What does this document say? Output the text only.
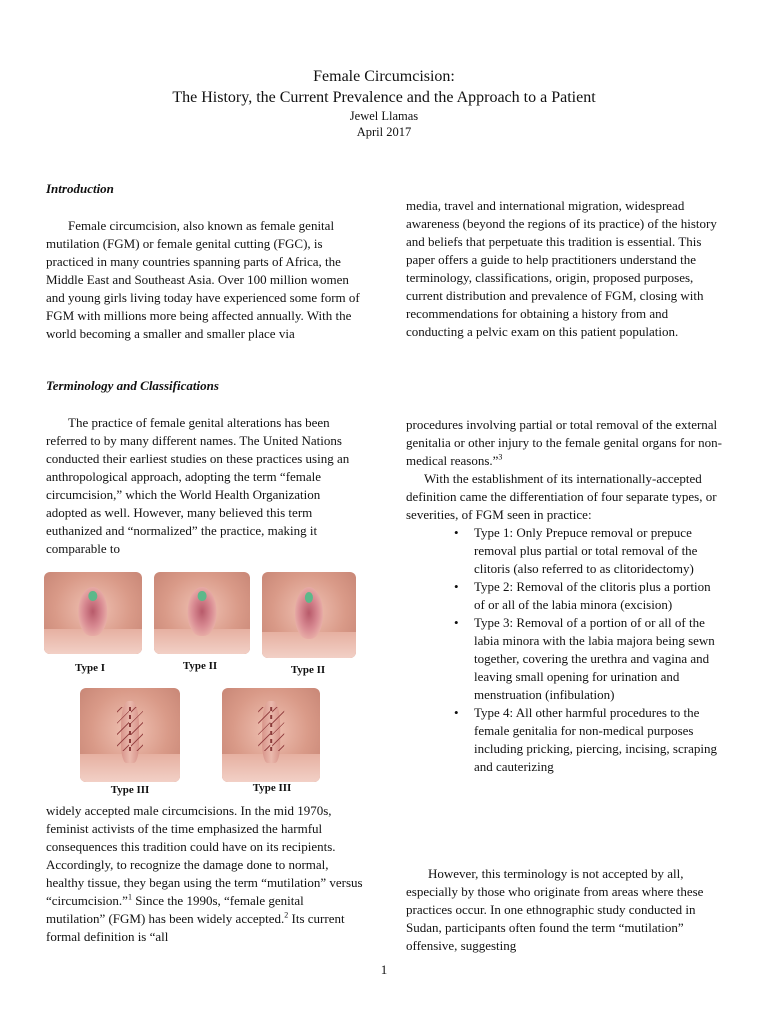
Female Circumcision:
The History, the Current Prevalence and the Approach to a Patient
Jewel Llamas
April 2017
Introduction

Female circumcision, also known as female genital mutilation (FGM) or female genital cutting (FGC), is practiced in many countries spanning parts of Africa, the Middle East and Southeast Asia. Over 100 million women and young girls living today have experienced some form of FGM with millions more being affected annually. With the world becoming a smaller and smaller place via

media, travel and international migration, widespread awareness (beyond the regions of its practice) of the history and beliefs that perpetuate this tradition is essential. This paper offers a guide to help practitioners understand the terminology, classifications, origin, proposed purposes, current distribution and prevalence of FGM, closing with recommendations for obtaining a history from and conducting a pelvic exam on this patient population.

Terminology and Classifications

The practice of female genital alterations has been referred to by many different names. The United Nations conducted their earliest studies on these practices using an anthropological approach, adopting the term “female circumcision,” which the World Health Organization adopted as well. However, many believed this term euthanized and “normalized” the practice, making it comparable to

Type I	Type II	Type II
Type III	Type III

widely accepted male circumcisions. In the mid 1970s, feminist activists of the time emphasized the harmful consequences this tradition could have on its recipients. Accordingly, to recognize the damage done to normal, healthy tissue, they began using the term “mutilation” versus “circumcision.”$^1$ Since the 1990s, “female genital mutilation” (FGM) has been widely accepted.$^2$ Its current formal definition is “all

procedures involving partial or total removal of the external genitalia or other injury to the female genital organs for non-medical reasons.”$^3$

With the establishment of its internationally-accepted definition came the differentiation of four separate types, or severities, of FGM seen in practice:

• Type 1: Only Prepuce removal or prepuce removal plus partial or total removal of the clitoris (also referred to as clitoridectomy)
• Type 2: Removal of the clitoris plus a portion of or all of the labia minora (excision)
• Type 3: Removal of a portion of or all of the labia minora with the labia majora being sewn together, covering the urethra and vagina and leaving small opening for urination and menstruation (infibulation)
• Type 4: All other harmful procedures to the female genitalia for non-medical purposes including pricking, piercing, incising, scraping and cauterizing

However, this terminology is not accepted by all, especially by those who originate from areas where these practices occur. In one ethnographic study conducted in Sudan, participants often found the term “mutilation” offensive, suggesting

1
